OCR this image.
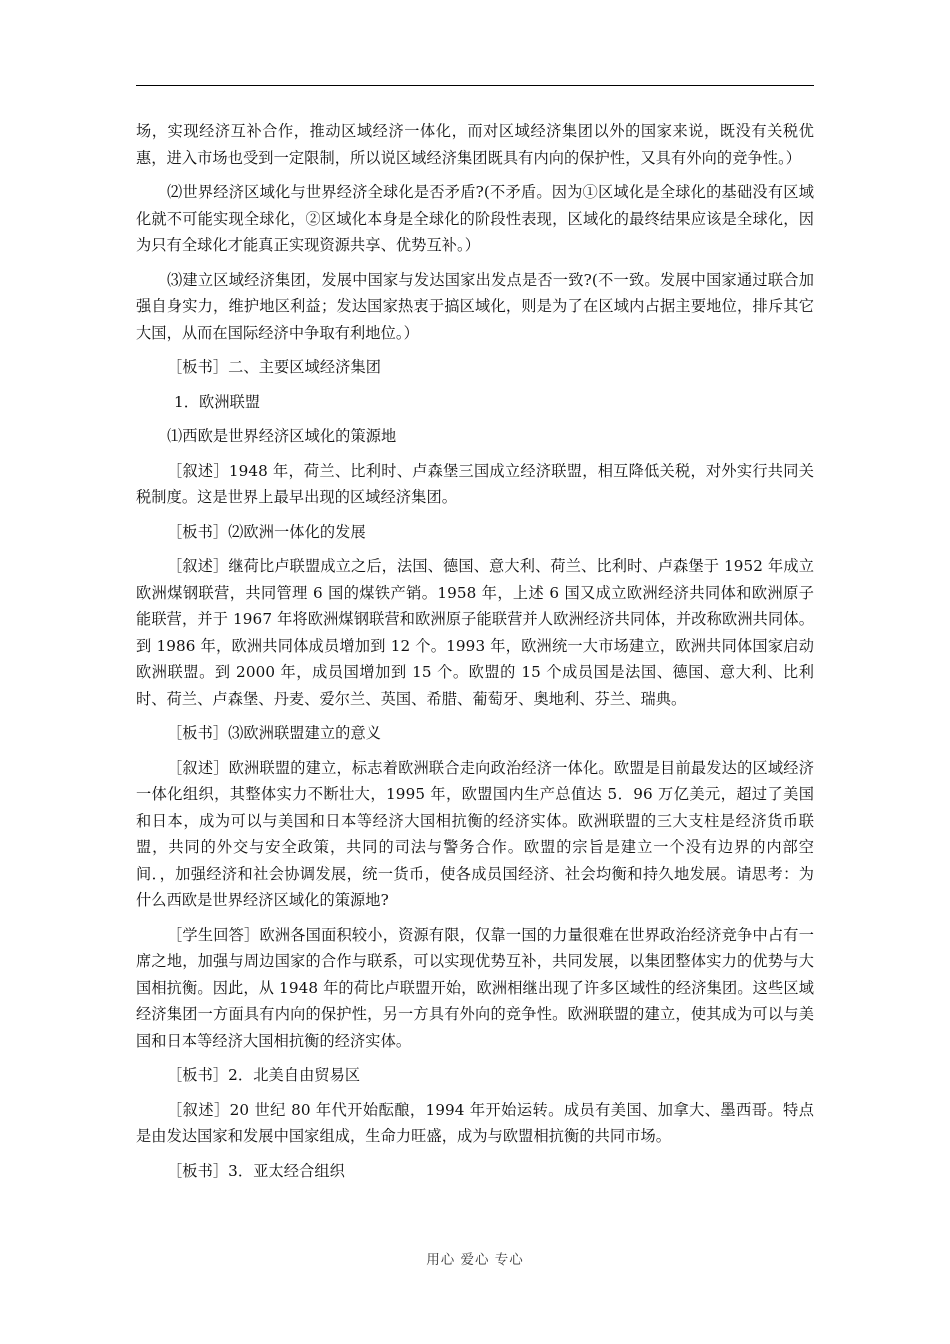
场，实现经济互补合作，推动区域经济一体化，而对区域经济集团以外的国家来说，既没有关税优惠，进入市场也受到一定限制，所以说区域经济集团既具有内向的保护性，又具有外向的竞争性。）

⑵世界经济区域化与世界经济全球化是否矛盾?(不矛盾。因为①区域化是全球化的基础没有区域化就不可能实现全球化，②区域化本身是全球化的阶段性表现，区域化的最终结果应该是全球化，因为只有全球化才能真正实现资源共享、优势互补。）

⑶建立区域经济集团，发展中国家与发达国家出发点是否一致?(不一致。发展中国家通过联合加强自身实力，维护地区利益；发达国家热衷于搞区域化，则是为了在区域内占据主要地位，排斥其它大国，从而在国际经济中争取有利地位。）

［板书］二、主要区域经济集团

1．欧洲联盟

⑴西欧是世界经济区域化的策源地

［叙述］1948 年，荷兰、比利时、卢森堡三国成立经济联盟，相互降低关税，对外实行共同关税制度。这是世界上最早出现的区域经济集团。

［板书］⑵欧洲一体化的发展

［叙述］继荷比卢联盟成立之后，法国、德国、意大利、荷兰、比利时、卢森堡于 1952 年成立欧洲煤钢联营，共同管理 6 国的煤铁产销。1958 年，上述 6 国又成立欧洲经济共同体和欧洲原子能联营，并于 1967 年将欧洲煤钢联营和欧洲原子能联营并人欧洲经济共同体，并改称欧洲共同体。到 1986 年，欧洲共同体成员增加到 12 个。1993 年，欧洲统一大市场建立，欧洲共同体国家启动欧洲联盟。到 2000 年，成员国增加到 15 个。欧盟的 15 个成员国是法国、德国、意大利、比利时、荷兰、卢森堡、丹麦、爱尔兰、英国、希腊、葡萄牙、奥地利、芬兰、瑞典。

［板书］⑶欧洲联盟建立的意义

［叙述］欧洲联盟的建立，标志着欧洲联合走向政治经济一体化。欧盟是目前最发达的区域经济一体化组织，其整体实力不断壮大，1995 年，欧盟国内生产总值达 5．96 万亿美元，超过了美国和日本，成为可以与美国和日本等经济大国相抗衡的经济实体。欧洲联盟的三大支柱是经济货币联盟，共同的外交与安全政策，共同的司法与警务合作。欧盟的宗旨是建立一个没有边界的内部空间．，加强经济和社会协调发展，统一货币，使各成员国经济、社会均衡和持久地发展。请思考：为什么西欧是世界经济区域化的策源地?

［学生回答］欧洲各国面积较小，资源有限，仅靠一国的力量很难在世界政治经济竞争中占有一席之地，加强与周边国家的合作与联系，可以实现优势互补，共同发展，以集团整体实力的优势与大国相抗衡。因此，从 1948 年的荷比卢联盟开始，欧洲相继出现了许多区域性的经济集团。这些区域经济集团一方面具有内向的保护性，另一方具有外向的竞争性。欧洲联盟的建立，使其成为可以与美国和日本等经济大国相抗衡的经济实体。

［板书］2．北美自由贸易区

［叙述］20 世纪 80 年代开始酝酿，1994 年开始运转。成员有美国、加拿大、墨西哥。特点是由发达国家和发展中国家组成，生命力旺盛，成为与欧盟相抗衡的共同市场。

［板书］3．亚太经合组织

用心 爱心 专心
